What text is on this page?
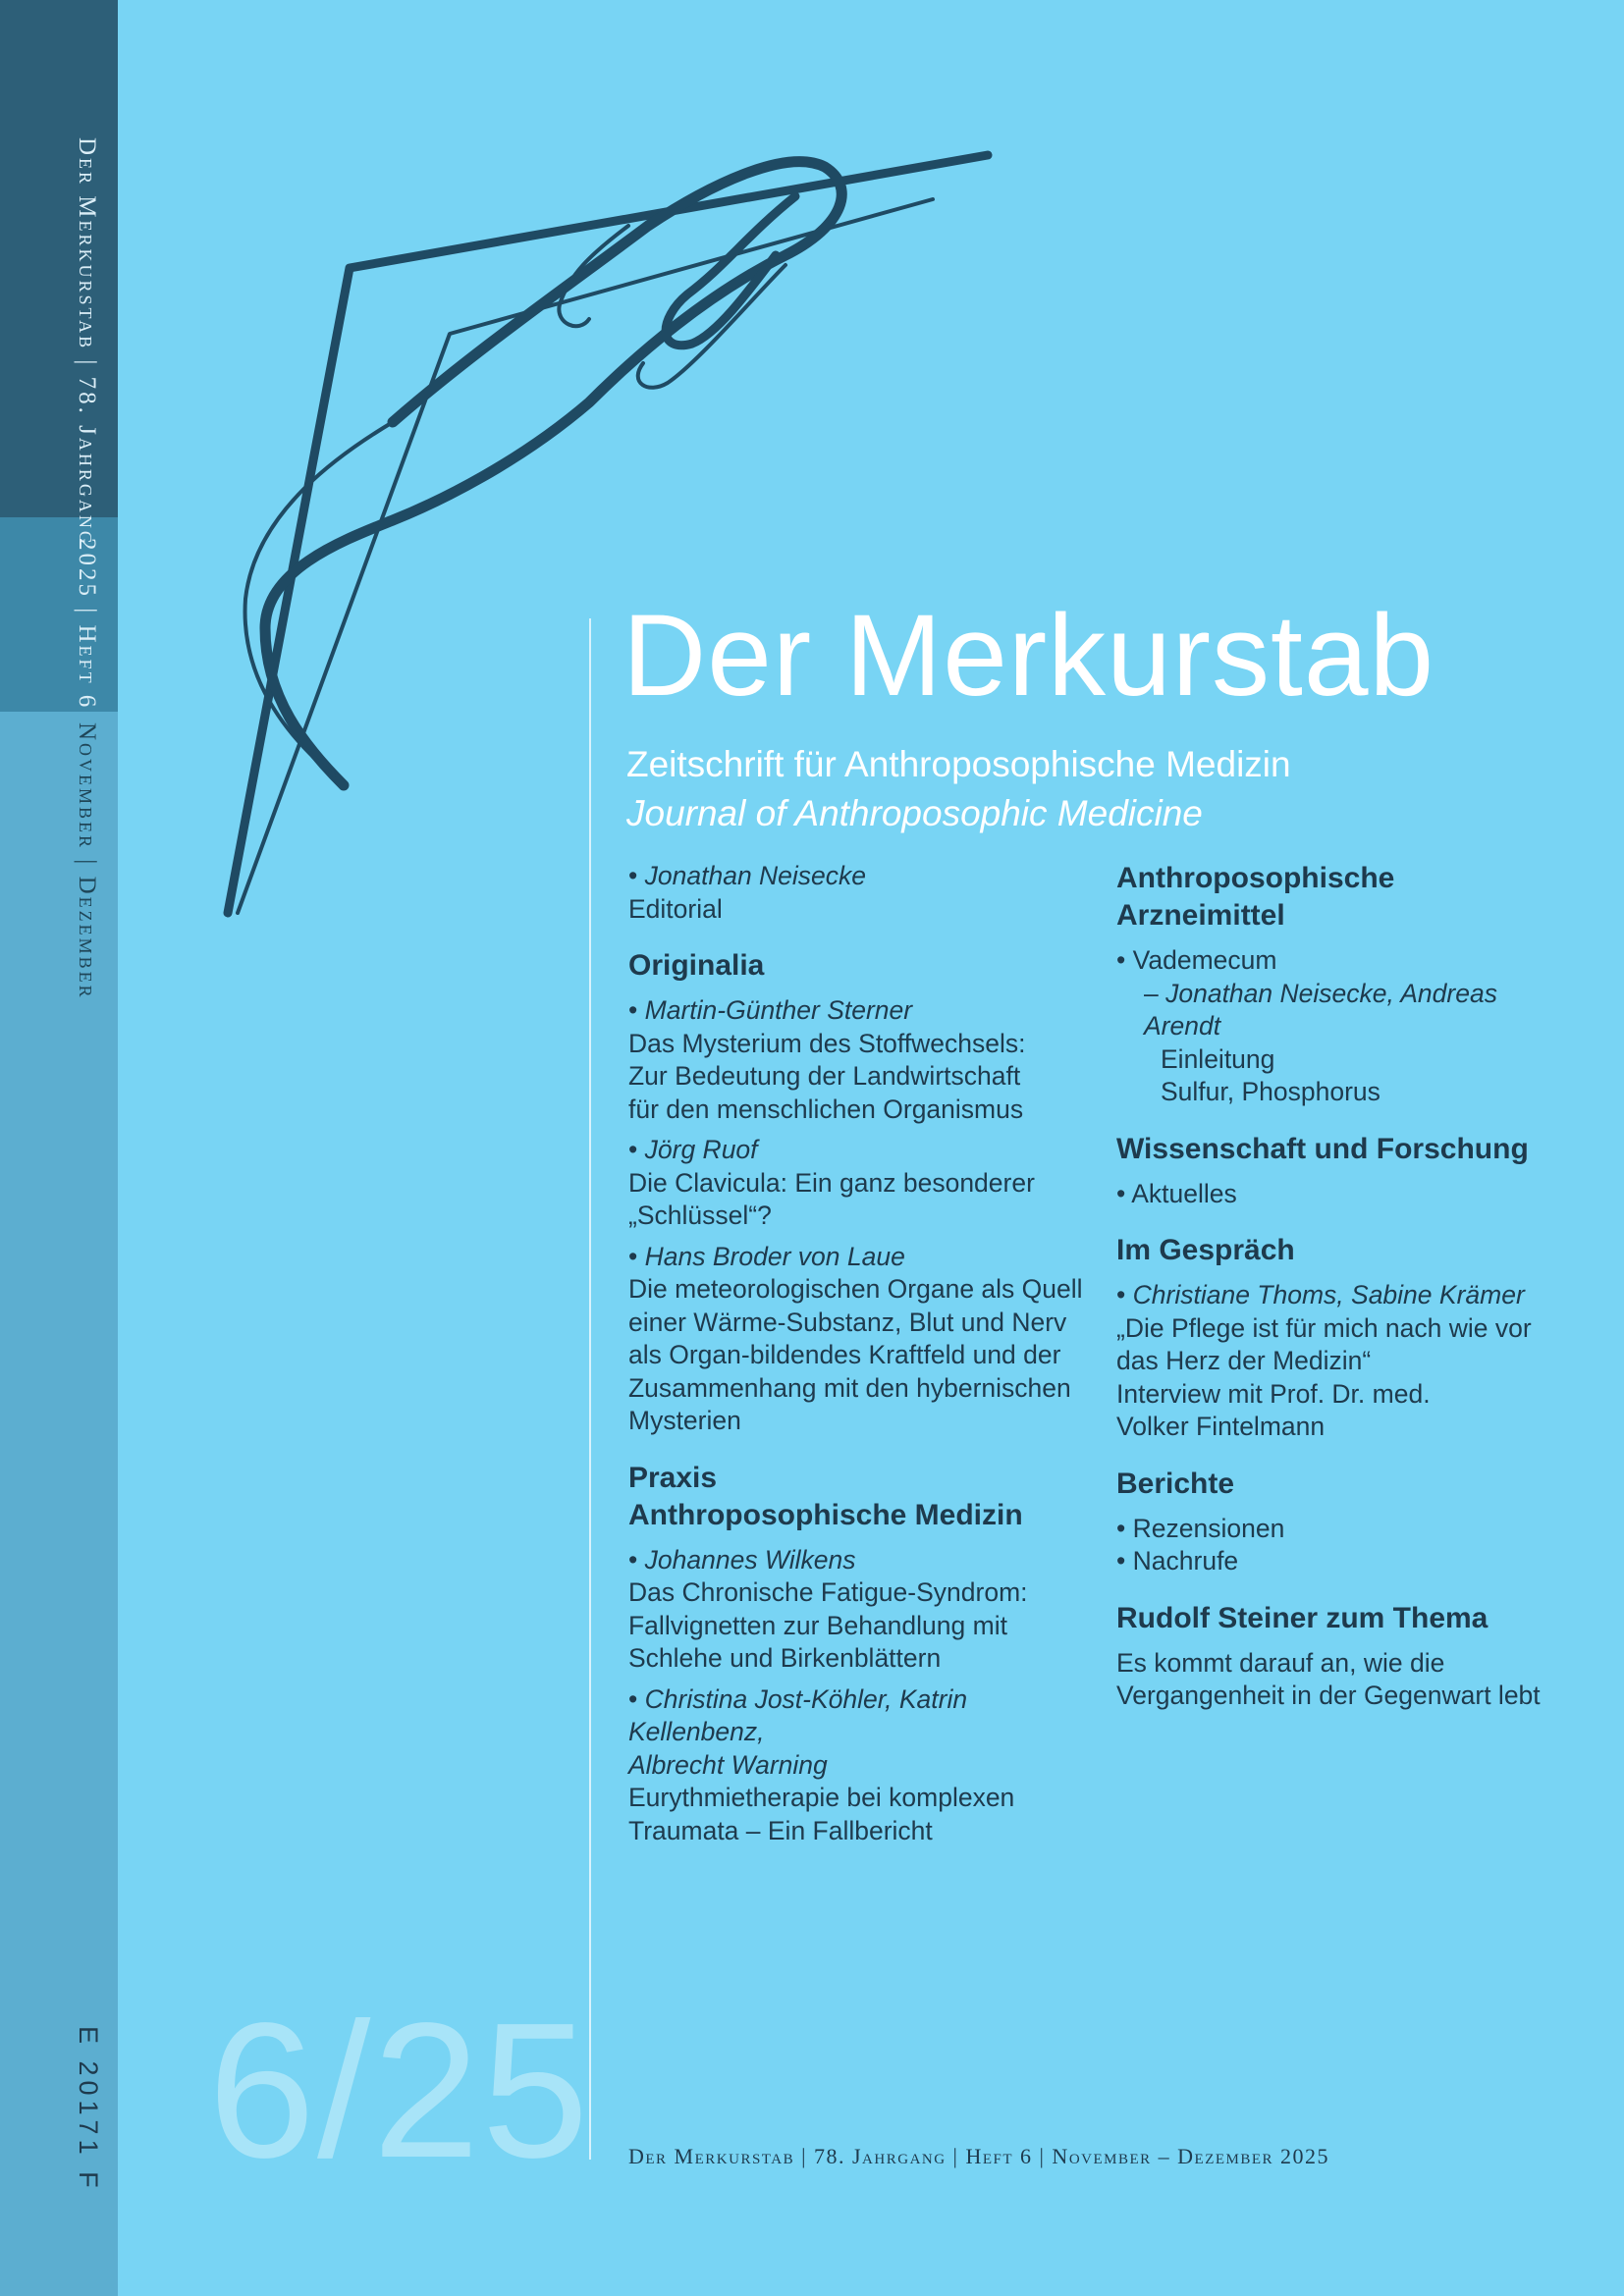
Der Merkurstab | 78. Jahrgang
2025 | Heft 6
November | Dezember
E 20171 F
Der Merkurstab
Zeitschrift für Anthroposophische Medizin
Journal of Anthroposophic Medicine
• Jonathan Neisecke
Editorial
Originalia
• Martin-Günther Sterner
Das Mysterium des Stoffwechsels:
Zur Bedeutung der Landwirtschaft
für den menschlichen Organismus
• Jörg Ruof
Die Clavicula: Ein ganz besonderer
„Schlüssel“?
• Hans Broder von Laue
Die meteorologischen Organe als Quell
einer Wärme-Substanz, Blut und Nerv
als Organ-bildendes Kraftfeld und der
Zusammenhang mit den hybernischen
Mysterien
Praxis
Anthroposophische Medizin
• Johannes Wilkens
Das Chronische Fatigue-Syndrom:
Fallvignetten zur Behandlung mit
Schlehe und Birkenblättern
• Christina Jost-Köhler, Katrin Kellenbenz,
Albrecht Warning
Eurythmietherapie bei komplexen
Traumata – Ein Fallbericht
Anthroposophische Arzneimittel
• Vademecum
– Jonathan Neisecke, Andreas Arendt
Einleitung
Sulfur, Phosphorus
Wissenschaft und Forschung
• Aktuelles
Im Gespräch
• Christiane Thoms, Sabine Krämer
„Die Pflege ist für mich nach wie vor
das Herz der Medizin“
Interview mit Prof. Dr. med.
Volker Fintelmann
Berichte
• Rezensionen
• Nachrufe
Rudolf Steiner zum Thema
Es kommt darauf an, wie die
Vergangenheit in der Gegenwart lebt
6/25 Der Merkurstab | 78. Jahrgang | Heft 6 | November – Dezember 2025
